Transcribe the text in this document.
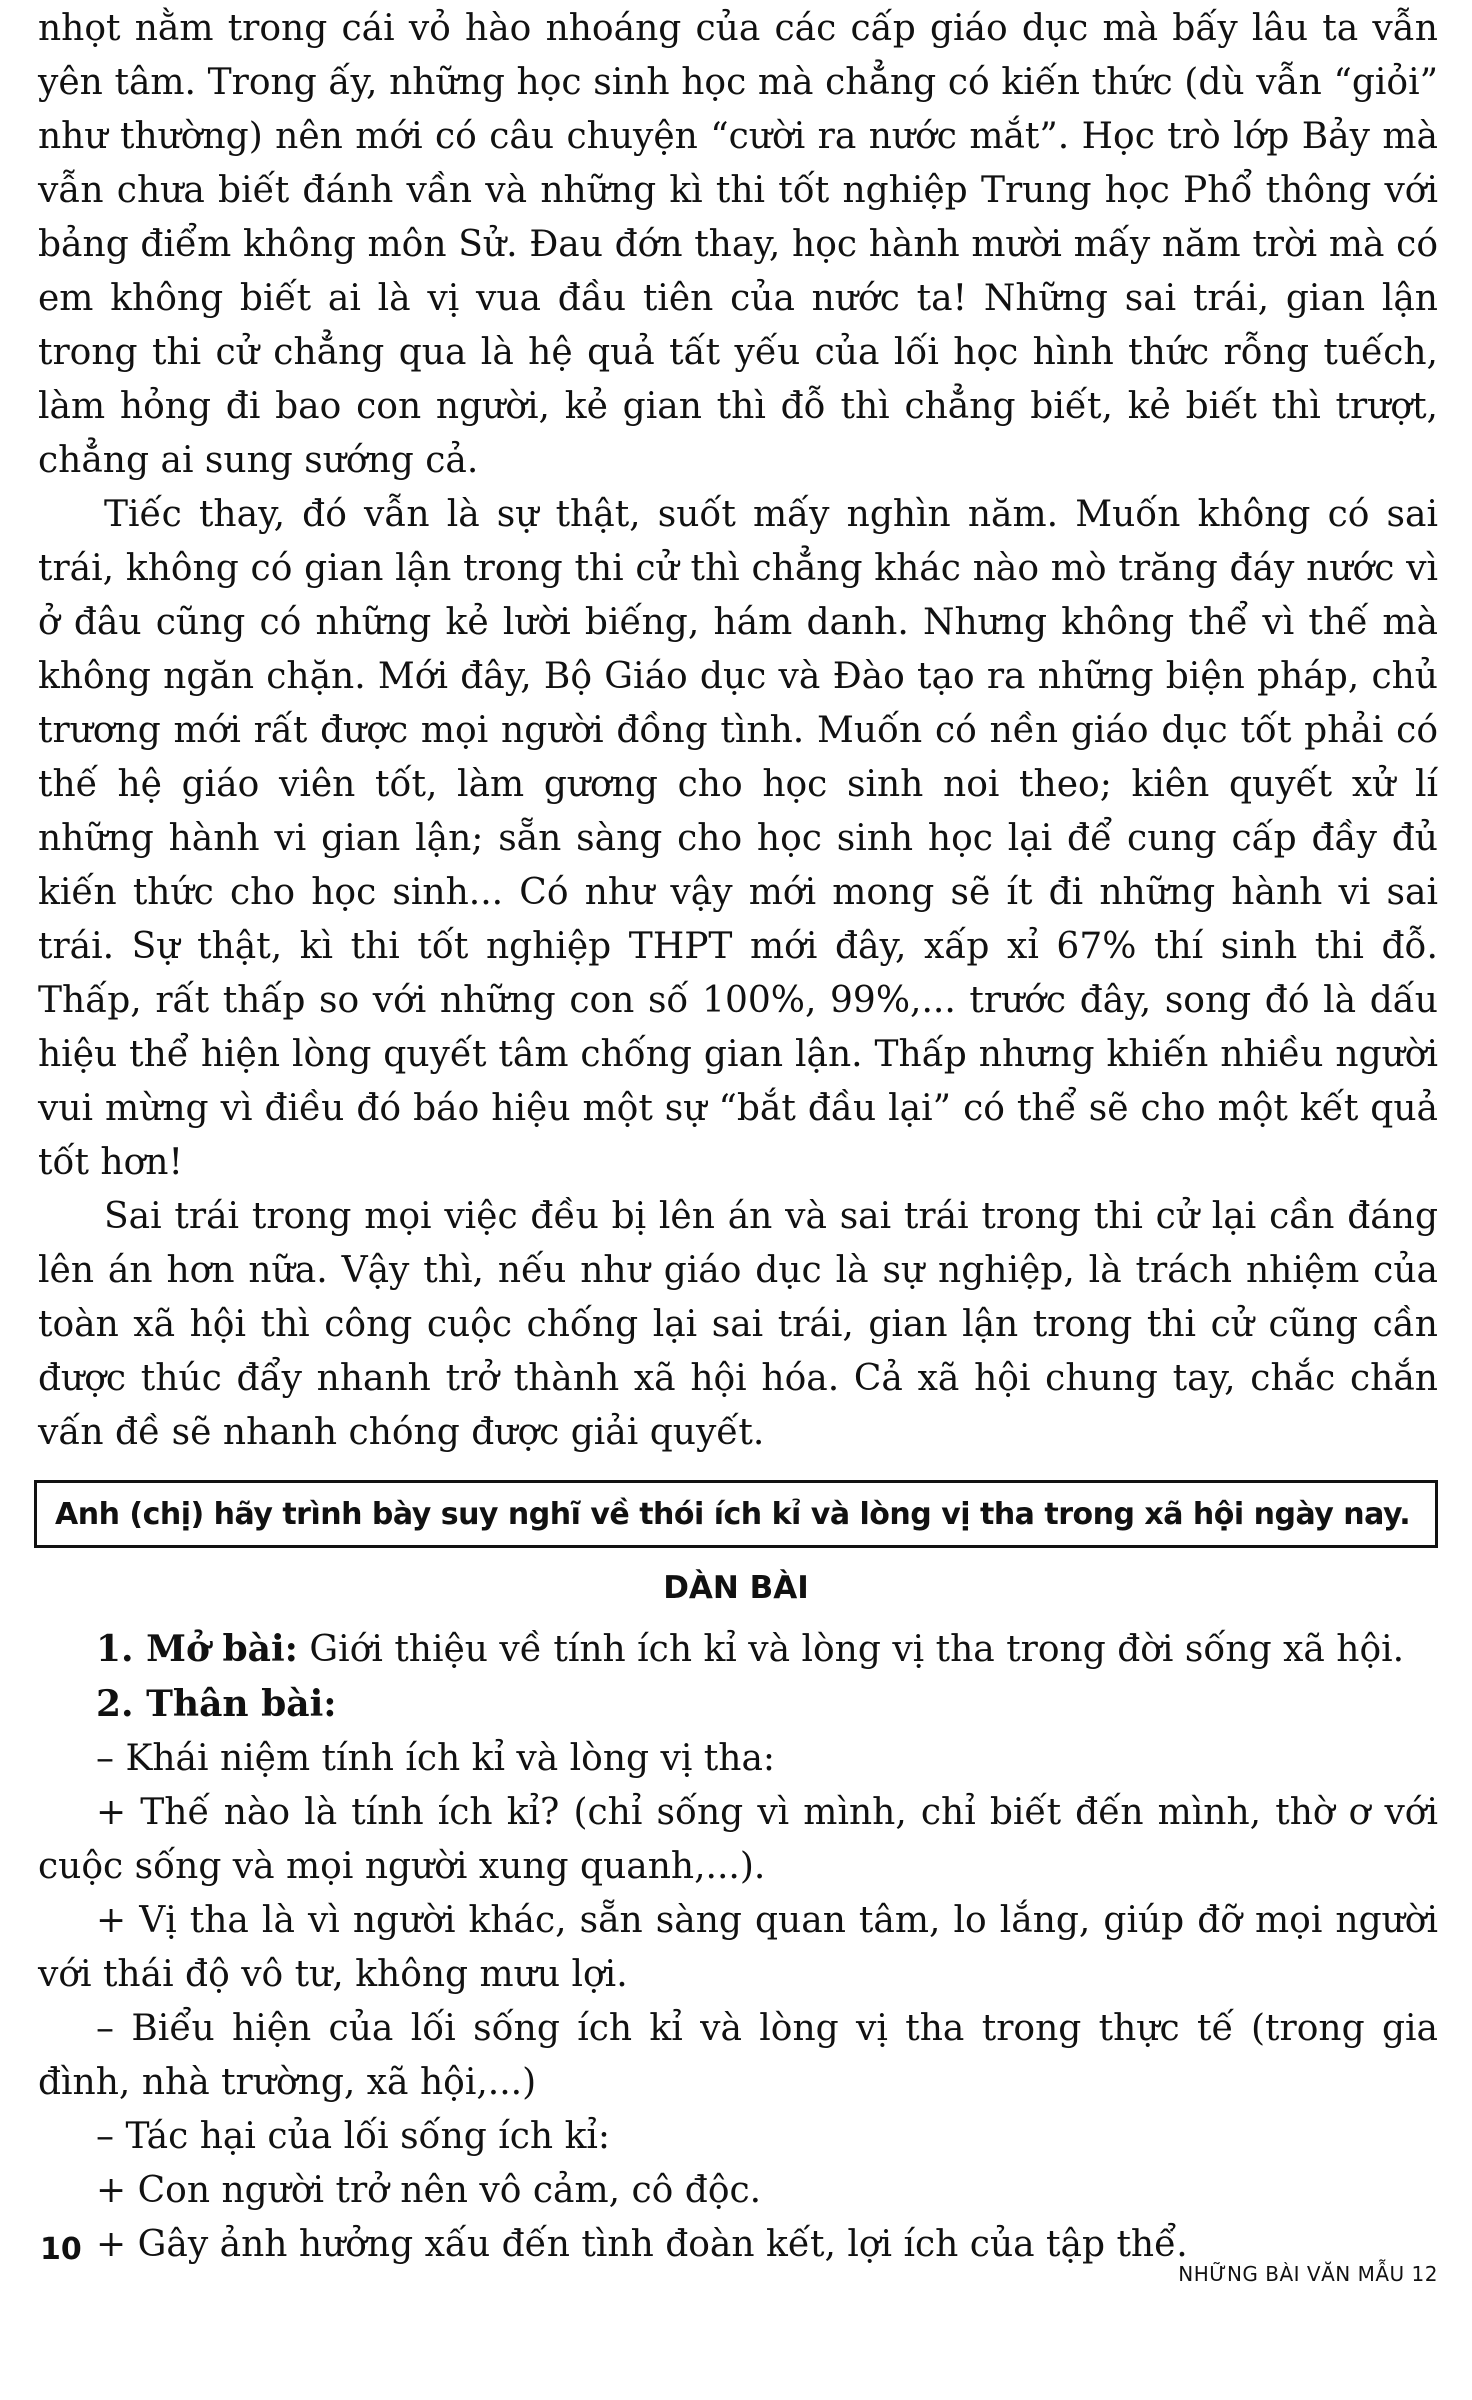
nhọt nằm trong cái vỏ hào nhoáng của các cấp giáo dục mà bấy lâu ta vẫn yên tâm. Trong ấy, những học sinh học mà chẳng có kiến thức (dù vẫn “giỏi” như thường) nên mới có câu chuyện “cười ra nước mắt”. Học trò lớp Bảy mà vẫn chưa biết đánh vần và những kì thi tốt nghiệp Trung học Phổ thông với bảng điểm không môn Sử. Đau đớn thay, học hành mười mấy năm trời mà có em không biết ai là vị vua đầu tiên của nước ta! Những sai trái, gian lận trong thi cử chẳng qua là hệ quả tất yếu của lối học hình thức rỗng tuếch, làm hỏng đi bao con người, kẻ gian thì đỗ thì chẳng biết, kẻ biết thì trượt, chẳng ai sung sướng cả.

Tiếc thay, đó vẫn là sự thật, suốt mấy nghìn năm. Muốn không có sai trái, không có gian lận trong thi cử thì chẳng khác nào mò trăng đáy nước vì ở đâu cũng có những kẻ lười biếng, hám danh. Nhưng không thể vì thế mà không ngăn chặn. Mới đây, Bộ Giáo dục và Đào tạo ra những biện pháp, chủ trương mới rất được mọi người đồng tình. Muốn có nền giáo dục tốt phải có thế hệ giáo viên tốt, làm gương cho học sinh noi theo; kiên quyết xử lí những hành vi gian lận; sẵn sàng cho học sinh học lại để cung cấp đầy đủ kiến thức cho học sinh... Có như vậy mới mong sẽ ít đi những hành vi sai trái. Sự thật, kì thi tốt nghiệp THPT mới đây, xấp xỉ 67% thí sinh thi đỗ. Thấp, rất thấp so với những con số 100%, 99%,... trước đây, song đó là dấu hiệu thể hiện lòng quyết tâm chống gian lận. Thấp nhưng khiến nhiều người vui mừng vì điều đó báo hiệu một sự “bắt đầu lại” có thể sẽ cho một kết quả tốt hơn!

Sai trái trong mọi việc đều bị lên án và sai trái trong thi cử lại cần đáng lên án hơn nữa. Vậy thì, nếu như giáo dục là sự nghiệp, là trách nhiệm của toàn xã hội thì công cuộc chống lại sai trái, gian lận trong thi cử cũng cần được thúc đẩy nhanh trở thành xã hội hóa. Cả xã hội chung tay, chắc chắn vấn đề sẽ nhanh chóng được giải quyết.

Anh (chị) hãy trình bày suy nghĩ về thói ích kỉ và lòng vị tha trong xã hội ngày nay.
DÀN BÀI

1. Mở bài: Giới thiệu về tính ích kỉ và lòng vị tha trong đời sống xã hội.

2. Thân bài:

– Khái niệm tính ích kỉ và lòng vị tha:

+ Thế nào là tính ích kỉ? (chỉ sống vì mình, chỉ biết đến mình, thờ ơ với cuộc sống và mọi người xung quanh,...).

+ Vị tha là vì người khác, sẵn sàng quan tâm, lo lắng, giúp đỡ mọi người với thái độ vô tư, không mưu lợi.

– Biểu hiện của lối sống ích kỉ và lòng vị tha trong thực tế (trong gia đình, nhà trường, xã hội,...)

– Tác hại của lối sống ích kỉ:

+ Con người trở nên vô cảm, cô độc.

+ Gây ảnh hưởng xấu đến tình đoàn kết, lợi ích của tập thể.

10
NHỮNG BÀI VĂN MẪU 12
